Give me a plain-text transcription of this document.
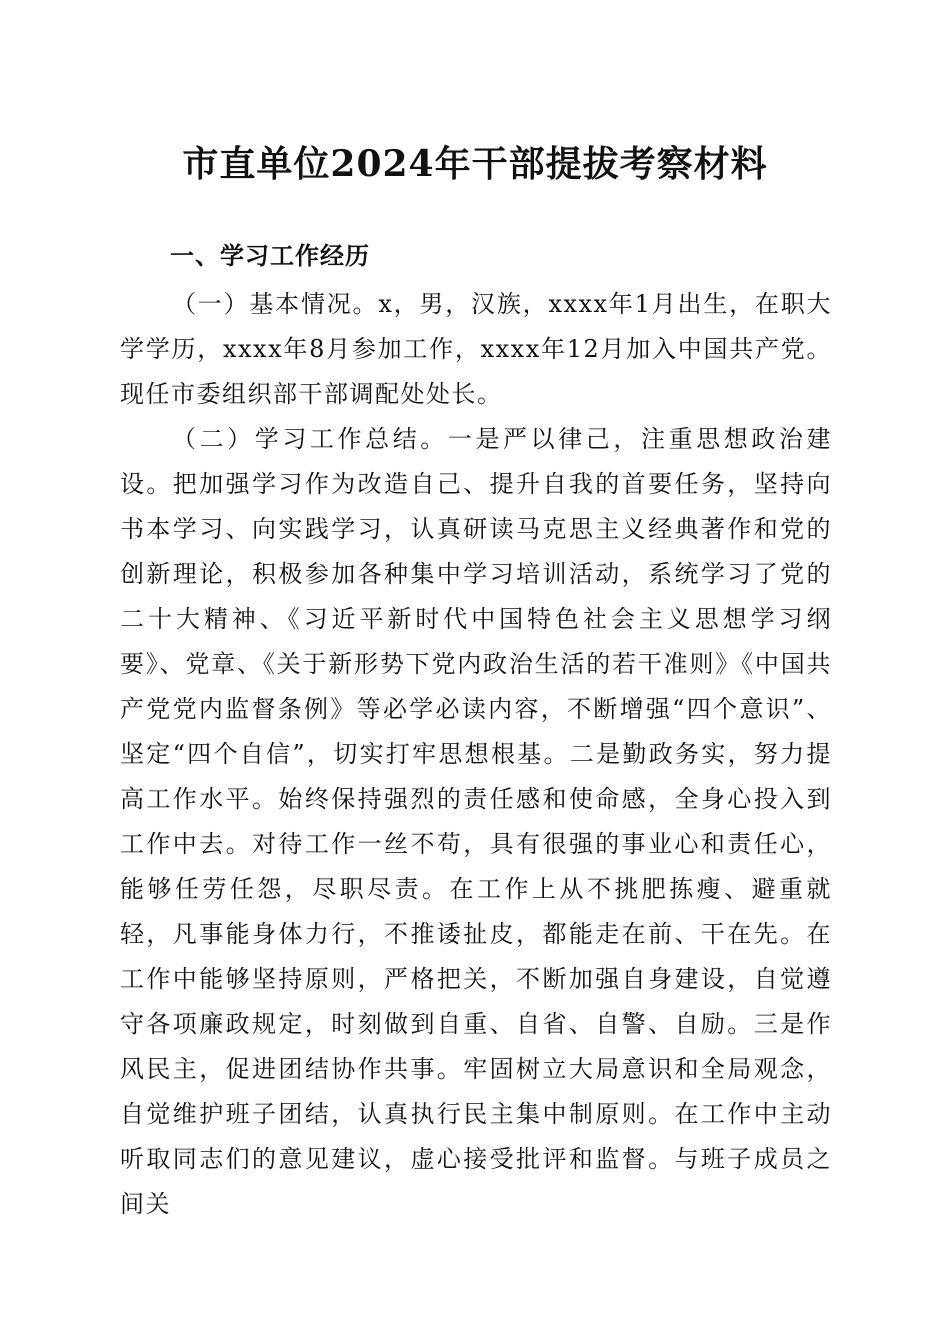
市直单位2024年干部提拔考察材料
一、学习工作经历

（一）基本情况。x，男，汉族，xxxx年1月出生，在职大学学历，xxxx年8月参加工作，xxxx年12月加入中国共产党。现任市委组织部干部调配处处长。

（二）学习工作总结。一是严以律己，注重思想政治建设。把加强学习作为改造自己、提升自我的首要任务，坚持向书本学习、向实践学习，认真研读马克思主义经典著作和党的创新理论，积极参加各种集中学习培训活动，系统学习了党的二十大精神、《习近平新时代中国特色社会主义思想学习纲要》、党章、《关于新形势下党内政治生活的若干准则》《中国共产党党内监督条例》等必学必读内容，不断增强“四个意识”、坚定“四个自信”，切实打牢思想根基。二是勤政务实，努力提高工作水平。始终保持强烈的责任感和使命感，全身心投入到工作中去。对待工作一丝不苟，具有很强的事业心和责任心，能够任劳任怨，尽职尽责。在工作上从不挑肥拣瘦、避重就轻，凡事能身体力行，不推诿扯皮，都能走在前、干在先。在工作中能够坚持原则，严格把关，不断加强自身建设，自觉遵守各项廉政规定，时刻做到自重、自省、自警、自励。三是作风民主，促进团结协作共事。牢固树立大局意识和全局观念，自觉维护班子团结，认真执行民主集中制原则。在工作中主动听取同志们的意见建议，虚心接受批评和监督。与班子成员之间关
